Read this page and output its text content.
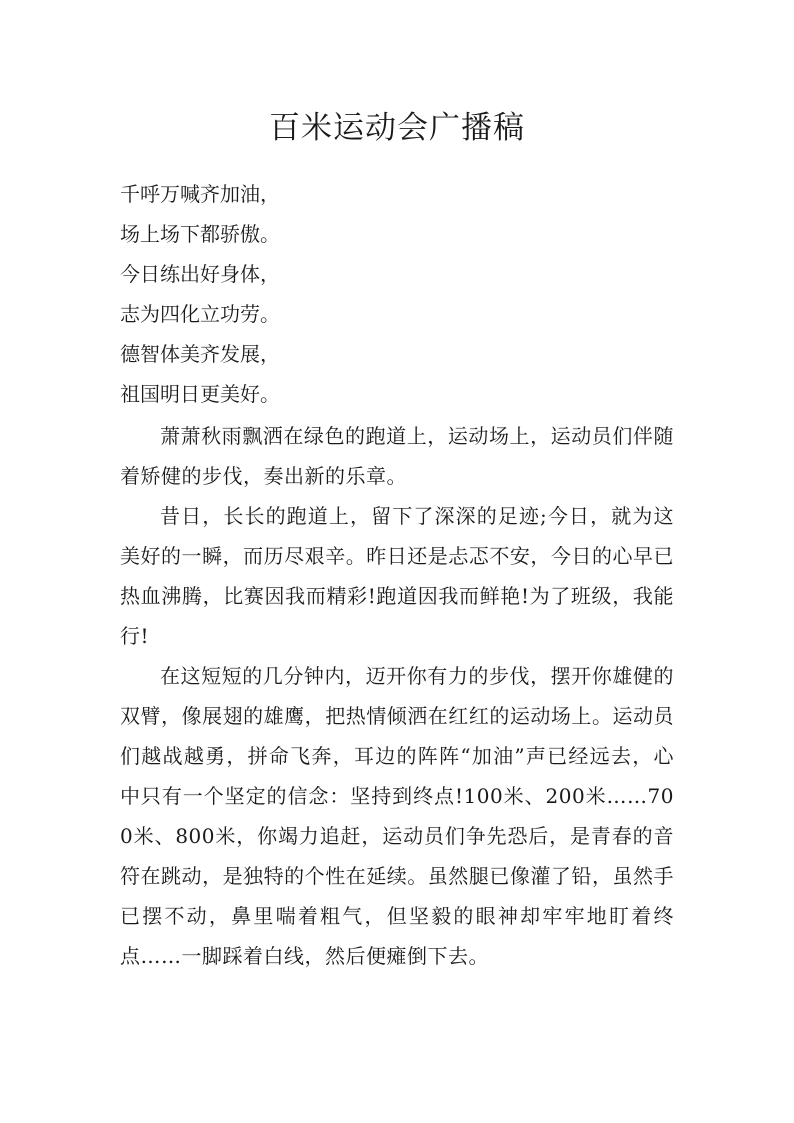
百米运动会广播稿
千呼万喊齐加油，
场上场下都骄傲。
今日练出好身体，
志为四化立功劳。
德智体美齐发展，
祖国明日更美好。

萧萧秋雨飘洒在绿色的跑道上，运动场上，运动员们伴随着矫健的步伐，奏出新的乐章。

昔日，长长的跑道上，留下了深深的足迹;今日，就为这美好的一瞬，而历尽艰辛。昨日还是忐忑不安，今日的心早已热血沸腾，比赛因我而精彩!跑道因我而鲜艳!为了班级，我能行!

在这短短的几分钟内，迈开你有力的步伐，摆开你雄健的双臂，像展翅的雄鹰，把热情倾洒在红红的运动场上。运动员们越战越勇，拼命飞奔，耳边的阵阵“加油”声已经远去，心中只有一个坚定的信念：坚持到终点!100米、200米……700米、800米，你竭力追赶，运动员们争先恐后，是青春的音符在跳动，是独特的个性在延续。虽然腿已像灌了铅，虽然手已摆不动，鼻里喘着粗气，但坚毅的眼神却牢牢地盯着终点……一脚踩着白线，然后便瘫倒下去。
